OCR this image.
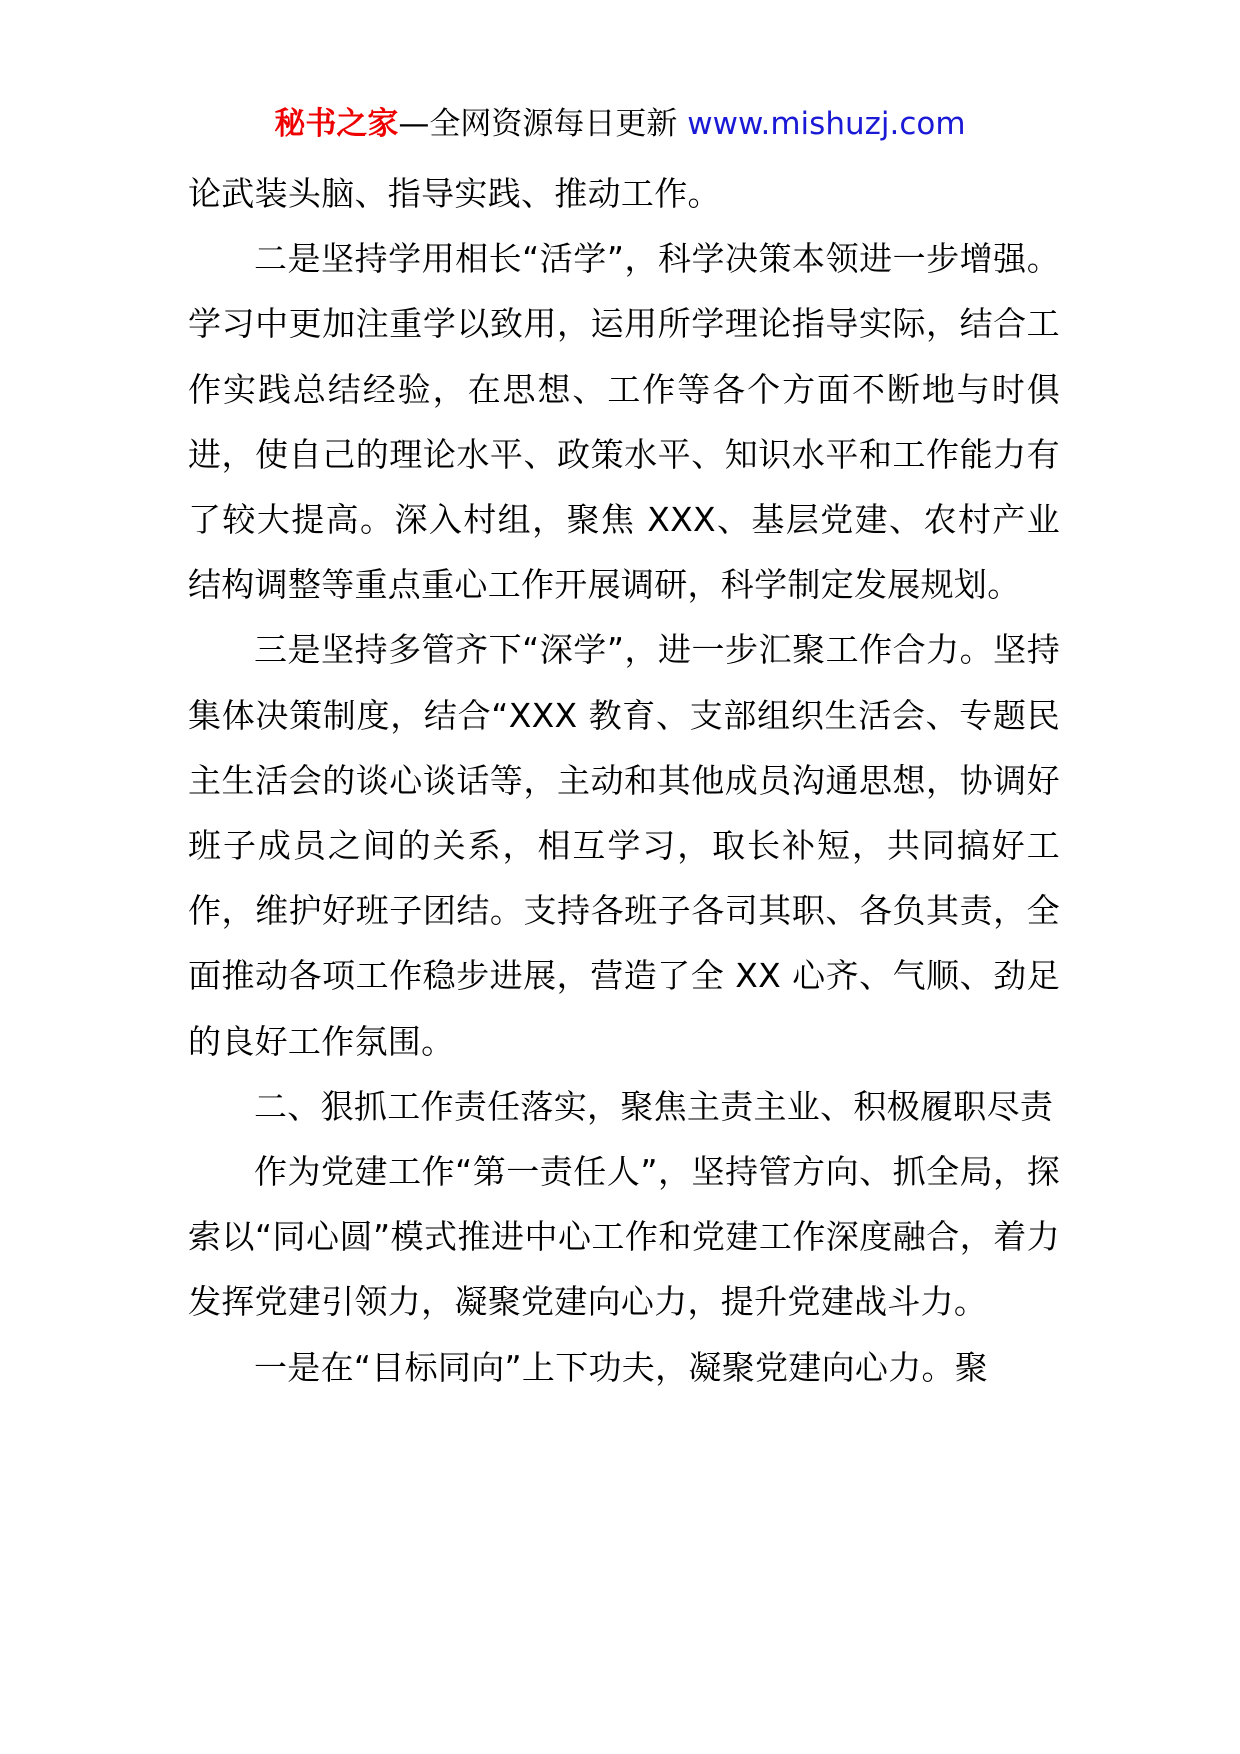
秘书之家—全网资源每日更新 www.mishuzj.com

论武装头脑、指导实践、推动工作。

二是坚持学用相长“活学”，科学决策本领进一步增强。学习中更加注重学以致用，运用所学理论指导实际，结合工作实践总结经验，在思想、工作等各个方面不断地与时俱进，使自己的理论水平、政策水平、知识水平和工作能力有了较大提高。深入村组，聚焦 XXX、基层党建、农村产业结构调整等重点重心工作开展调研，科学制定发展规划。

三是坚持多管齐下“深学”，进一步汇聚工作合力。坚持集体决策制度，结合“XXX 教育、支部组织生活会、专题民主生活会的谈心谈话等，主动和其他成员沟通思想，协调好班子成员之间的关系，相互学习，取长补短，共同搞好工作，维护好班子团结。支持各班子各司其职、各负其责，全面推动各项工作稳步进展，营造了全 XX 心齐、气顺、劲足的良好工作氛围。

二、狠抓工作责任落实，聚焦主责主业、积极履职尽责

作为党建工作“第一责任人”，坚持管方向、抓全局，探索以“同心圆”模式推进中心工作和党建工作深度融合，着力发挥党建引领力，凝聚党建向心力，提升党建战斗力。

一是在“目标同向”上下功夫，凝聚党建向心力。聚
